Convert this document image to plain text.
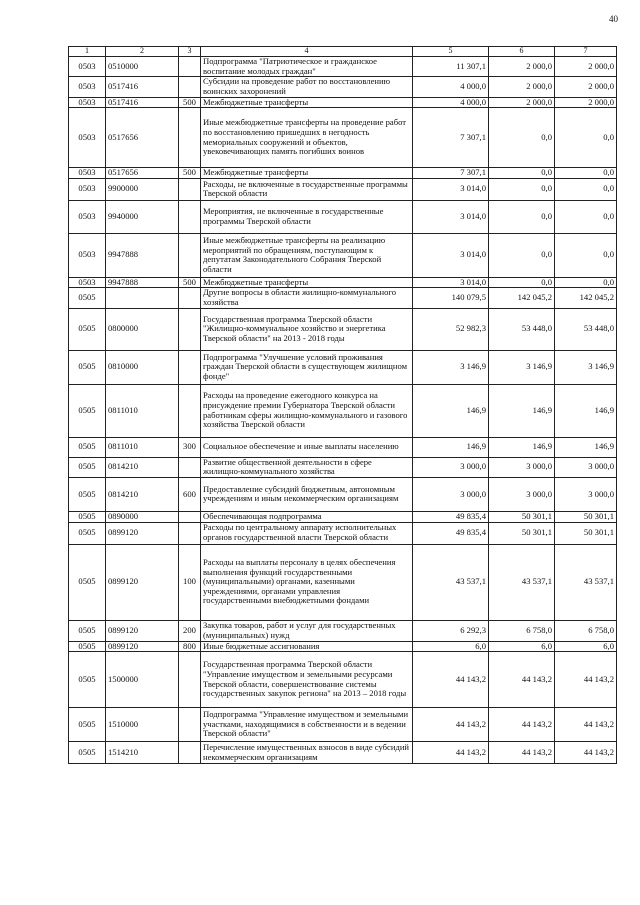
40
1	2	3	4	5	6	7
0503	0510000		Подпрограмма "Патриотическое и гражданское воспитание молодых граждан"	11 307,1	2 000,0	2 000,0
0503	0517416		Субсидии на проведение работ по восстановлению воинских захоронений	4 000,0	2 000,0	2 000,0
0503	0517416	500	Межбюджетные трансферты	4 000,0	2 000,0	2 000,0
0503	0517656		Иные межбюджетные трансферты на проведение работ по восстановлению пришедших в негодность мемориальных сооружений и объектов, увековечивающих память погибших воинов	7 307,1	0,0	0,0
0503	0517656	500	Межбюджетные трансферты	7 307,1	0,0	0,0
0503	9900000		Расходы, не включенные в государственные программы Тверской области	3 014,0	0,0	0,0
0503	9940000		Мероприятия, не включенные в государственные программы Тверской области	3 014,0	0,0	0,0
0503	9947888		Иные межбюджетные трансферты на реализацию мероприятий по обращениям, поступающим к депутатам Законодательного Собрания Тверской области	3 014,0	0,0	0,0
0503	9947888	500	Межбюджетные трансферты	3 014,0	0,0	0,0
0505			Другие вопросы в области жилищно-коммунального хозяйства	140 079,5	142 045,2	142 045,2
0505	0800000		Государственная программа Тверской области "Жилищно-коммунальное хозяйство и энергетика Тверской области" на 2013 - 2018 годы	52 982,3	53 448,0	53 448,0
0505	0810000		Подпрограмма "Улучшение условий проживания граждан Тверской области в существующем жилищном фонде"	3 146,9	3 146,9	3 146,9
0505	0811010		Расходы на проведение ежегодного конкурса на присуждение премии Губернатора Тверской области работникам сферы жилищно-коммунального и газового хозяйства Тверской области	146,9	146,9	146,9
0505	0811010	300	Социальное обеспечение и иные выплаты населению	146,9	146,9	146,9
0505	0814210		Развитие общественной деятельности в сфере жилищно-коммунального хозяйства	3 000,0	3 000,0	3 000,0
0505	0814210	600	Предоставление субсидий бюджетным, автономным учреждениям и иным некоммерческим организациям	3 000,0	3 000,0	3 000,0
0505	0890000		Обеспечивающая подпрограмма	49 835,4	50 301,1	50 301,1
0505	0899120		Расходы по центральному аппарату исполнительных органов государственной власти Тверской области	49 835,4	50 301,1	50 301,1
0505	0899120	100	Расходы на выплаты персоналу в целях обеспечения выполнения функций государственными (муниципальными) органами, казенными учреждениями, органами управления государственными внебюджетными фондами	43 537,1	43 537,1	43 537,1
0505	0899120	200	Закупка товаров, работ и услуг для государственных (муниципальных) нужд	6 292,3	6 758,0	6 758,0
0505	0899120	800	Иные бюджетные ассигнования	6,0	6,0	6,0
0505	1500000		Государственная программа Тверской области "Управление имуществом и земельными ресурсами Тверской области, совершенствование системы государственных закупок региона" на 2013 – 2018 годы	44 143,2	44 143,2	44 143,2
0505	1510000		Подпрограмма "Управление имуществом и земельными участками, находящимися в собственности и в ведении Тверской области"	44 143,2	44 143,2	44 143,2
0505	1514210		Перечисление имущественных взносов в виде субсидий некоммерческим организациям	44 143,2	44 143,2	44 143,2
